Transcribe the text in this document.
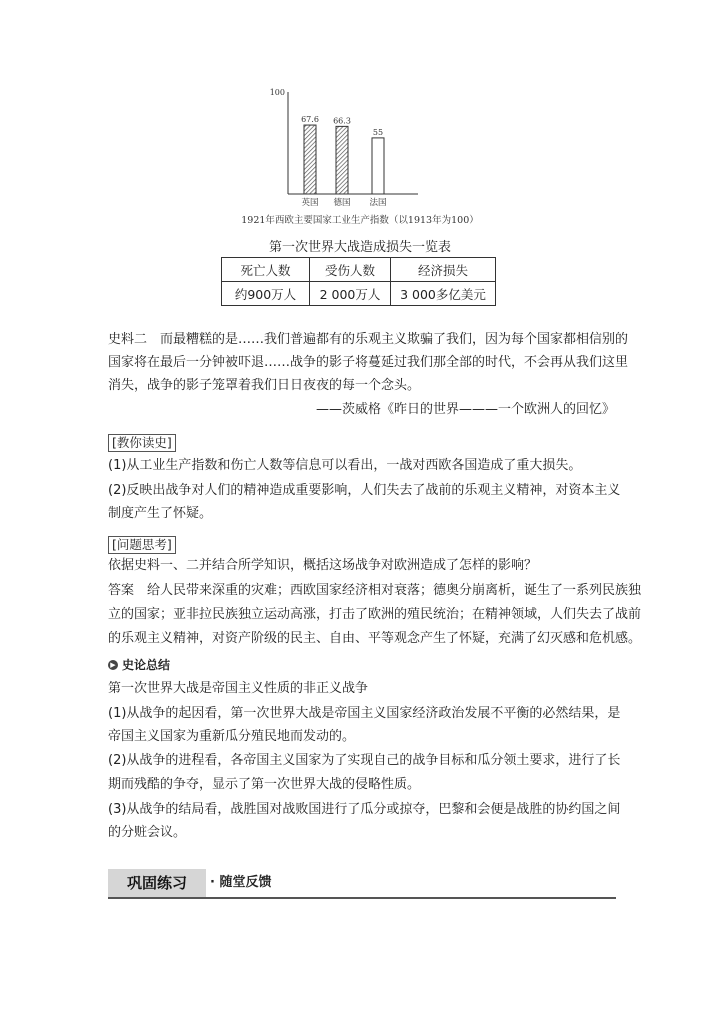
100
67.6
英国
66.3
德国
55
法国
1921年西欧主要国家工业生产指数（以1913年为100）
第一次世界大战造成损失一览表
死亡人数	受伤人数	经济损失
约900万人	2 000万人	3 000多亿美元
史料二　而最糟糕的是……我们普遍都有的乐观主义欺骗了我们，因为每个国家都相信别的
国家将在最后一分钟被吓退……战争的影子将蔓延过我们那全部的时代，不会再从我们这里
消失，战争的影子笼罩着我们日日夜夜的每一个念头。
——茨威格《昨日的世界———一个欧洲人的回忆》
[教你读史]
(1)从工业生产指数和伤亡人数等信息可以看出，一战对西欧各国造成了重大损失。
(2)反映出战争对人们的精神造成重要影响，人们失去了战前的乐观主义精神，对资本主义
制度产生了怀疑。
[问题思考]
依据史料一、二并结合所学知识，概括这场战争对欧洲造成了怎样的影响？
答案　给人民带来深重的灾难；西欧国家经济相对衰落；德奥分崩离析，诞生了一系列民族独
立的国家；亚非拉民族独立运动高涨，打击了欧洲的殖民统治；在精神领域，人们失去了战前
的乐观主义精神，对资产阶级的民主、自由、平等观念产生了怀疑，充满了幻灭感和危机感。
▶ 史论总结
第一次世界大战是帝国主义性质的非正义战争
(1)从战争的起因看，第一次世界大战是帝国主义国家经济政治发展不平衡的必然结果，是
帝国主义国家为重新瓜分殖民地而发动的。
(2)从战争的进程看，各帝国主义国家为了实现自己的战争目标和瓜分领土要求，进行了长
期而残酷的争夺，显示了第一次世界大战的侵略性质。
(3)从战争的结局看，战胜国对战败国进行了瓜分或掠夺，巴黎和会便是战胜的协约国之间
的分赃会议。
巩固练习	· 随堂反馈
